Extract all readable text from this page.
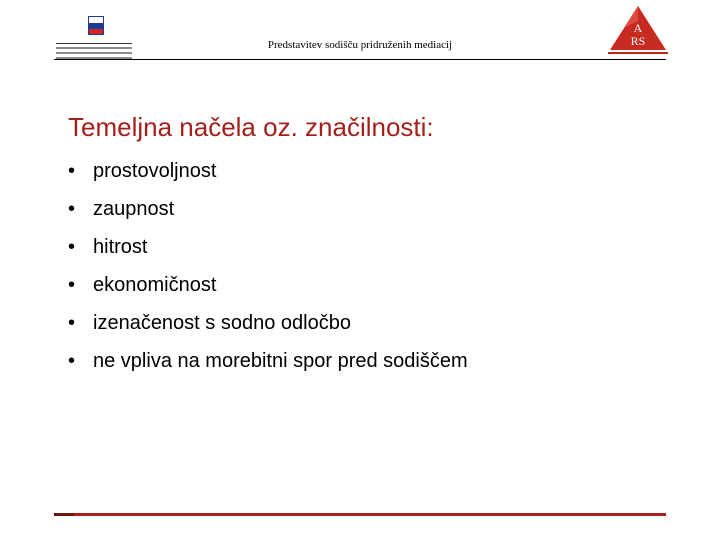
Predstavitev sodišču pridruženih mediacij
A
RS
Temeljna načela oz. značilnosti:
• prostovoljnost
• zaupnost
• hitrost
• ekonomičnost
• izenačenost s sodno odločbo
• ne vpliva na morebitni spor pred sodiščem
